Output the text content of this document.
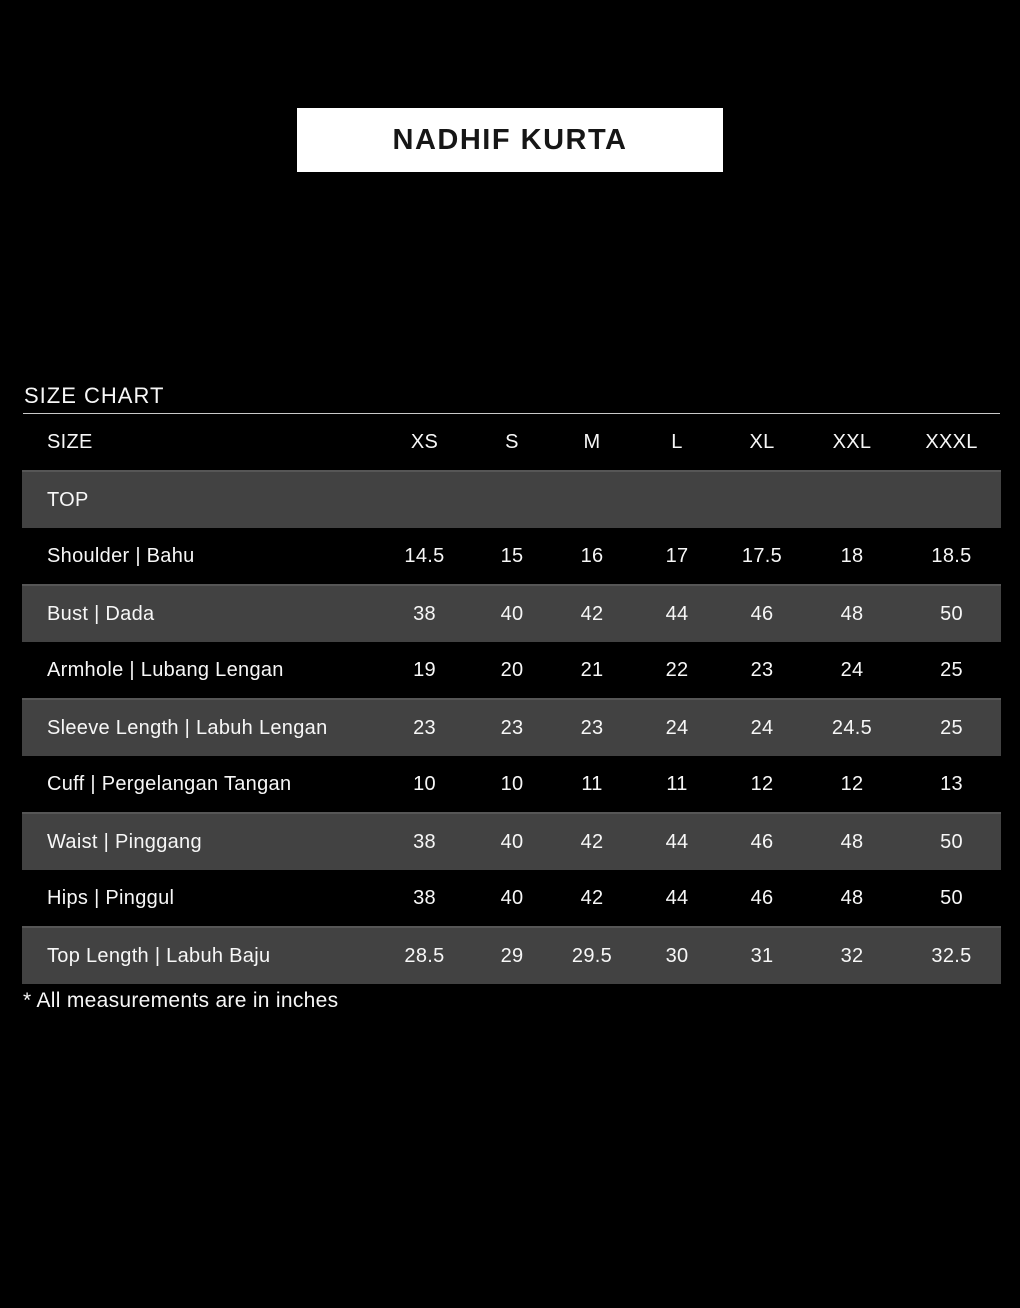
NADHIF KURTA
SIZE CHART
SIZE	XS	S	M	L	XL	XXL	XXXL
TOP							
Shoulder | Bahu	14.5	15	16	17	17.5	18	18.5
Bust | Dada	38	40	42	44	46	48	50
Armhole | Lubang Lengan	19	20	21	22	23	24	25
Sleeve Length | Labuh Lengan	23	23	23	24	24	24.5	25
Cuff | Pergelangan Tangan	10	10	11	11	12	12	13
Waist | Pinggang	38	40	42	44	46	48	50
Hips | Pinggul	38	40	42	44	46	48	50
Top Length | Labuh Baju	28.5	29	29.5	30	31	32	32.5
* All measurements are in inches
